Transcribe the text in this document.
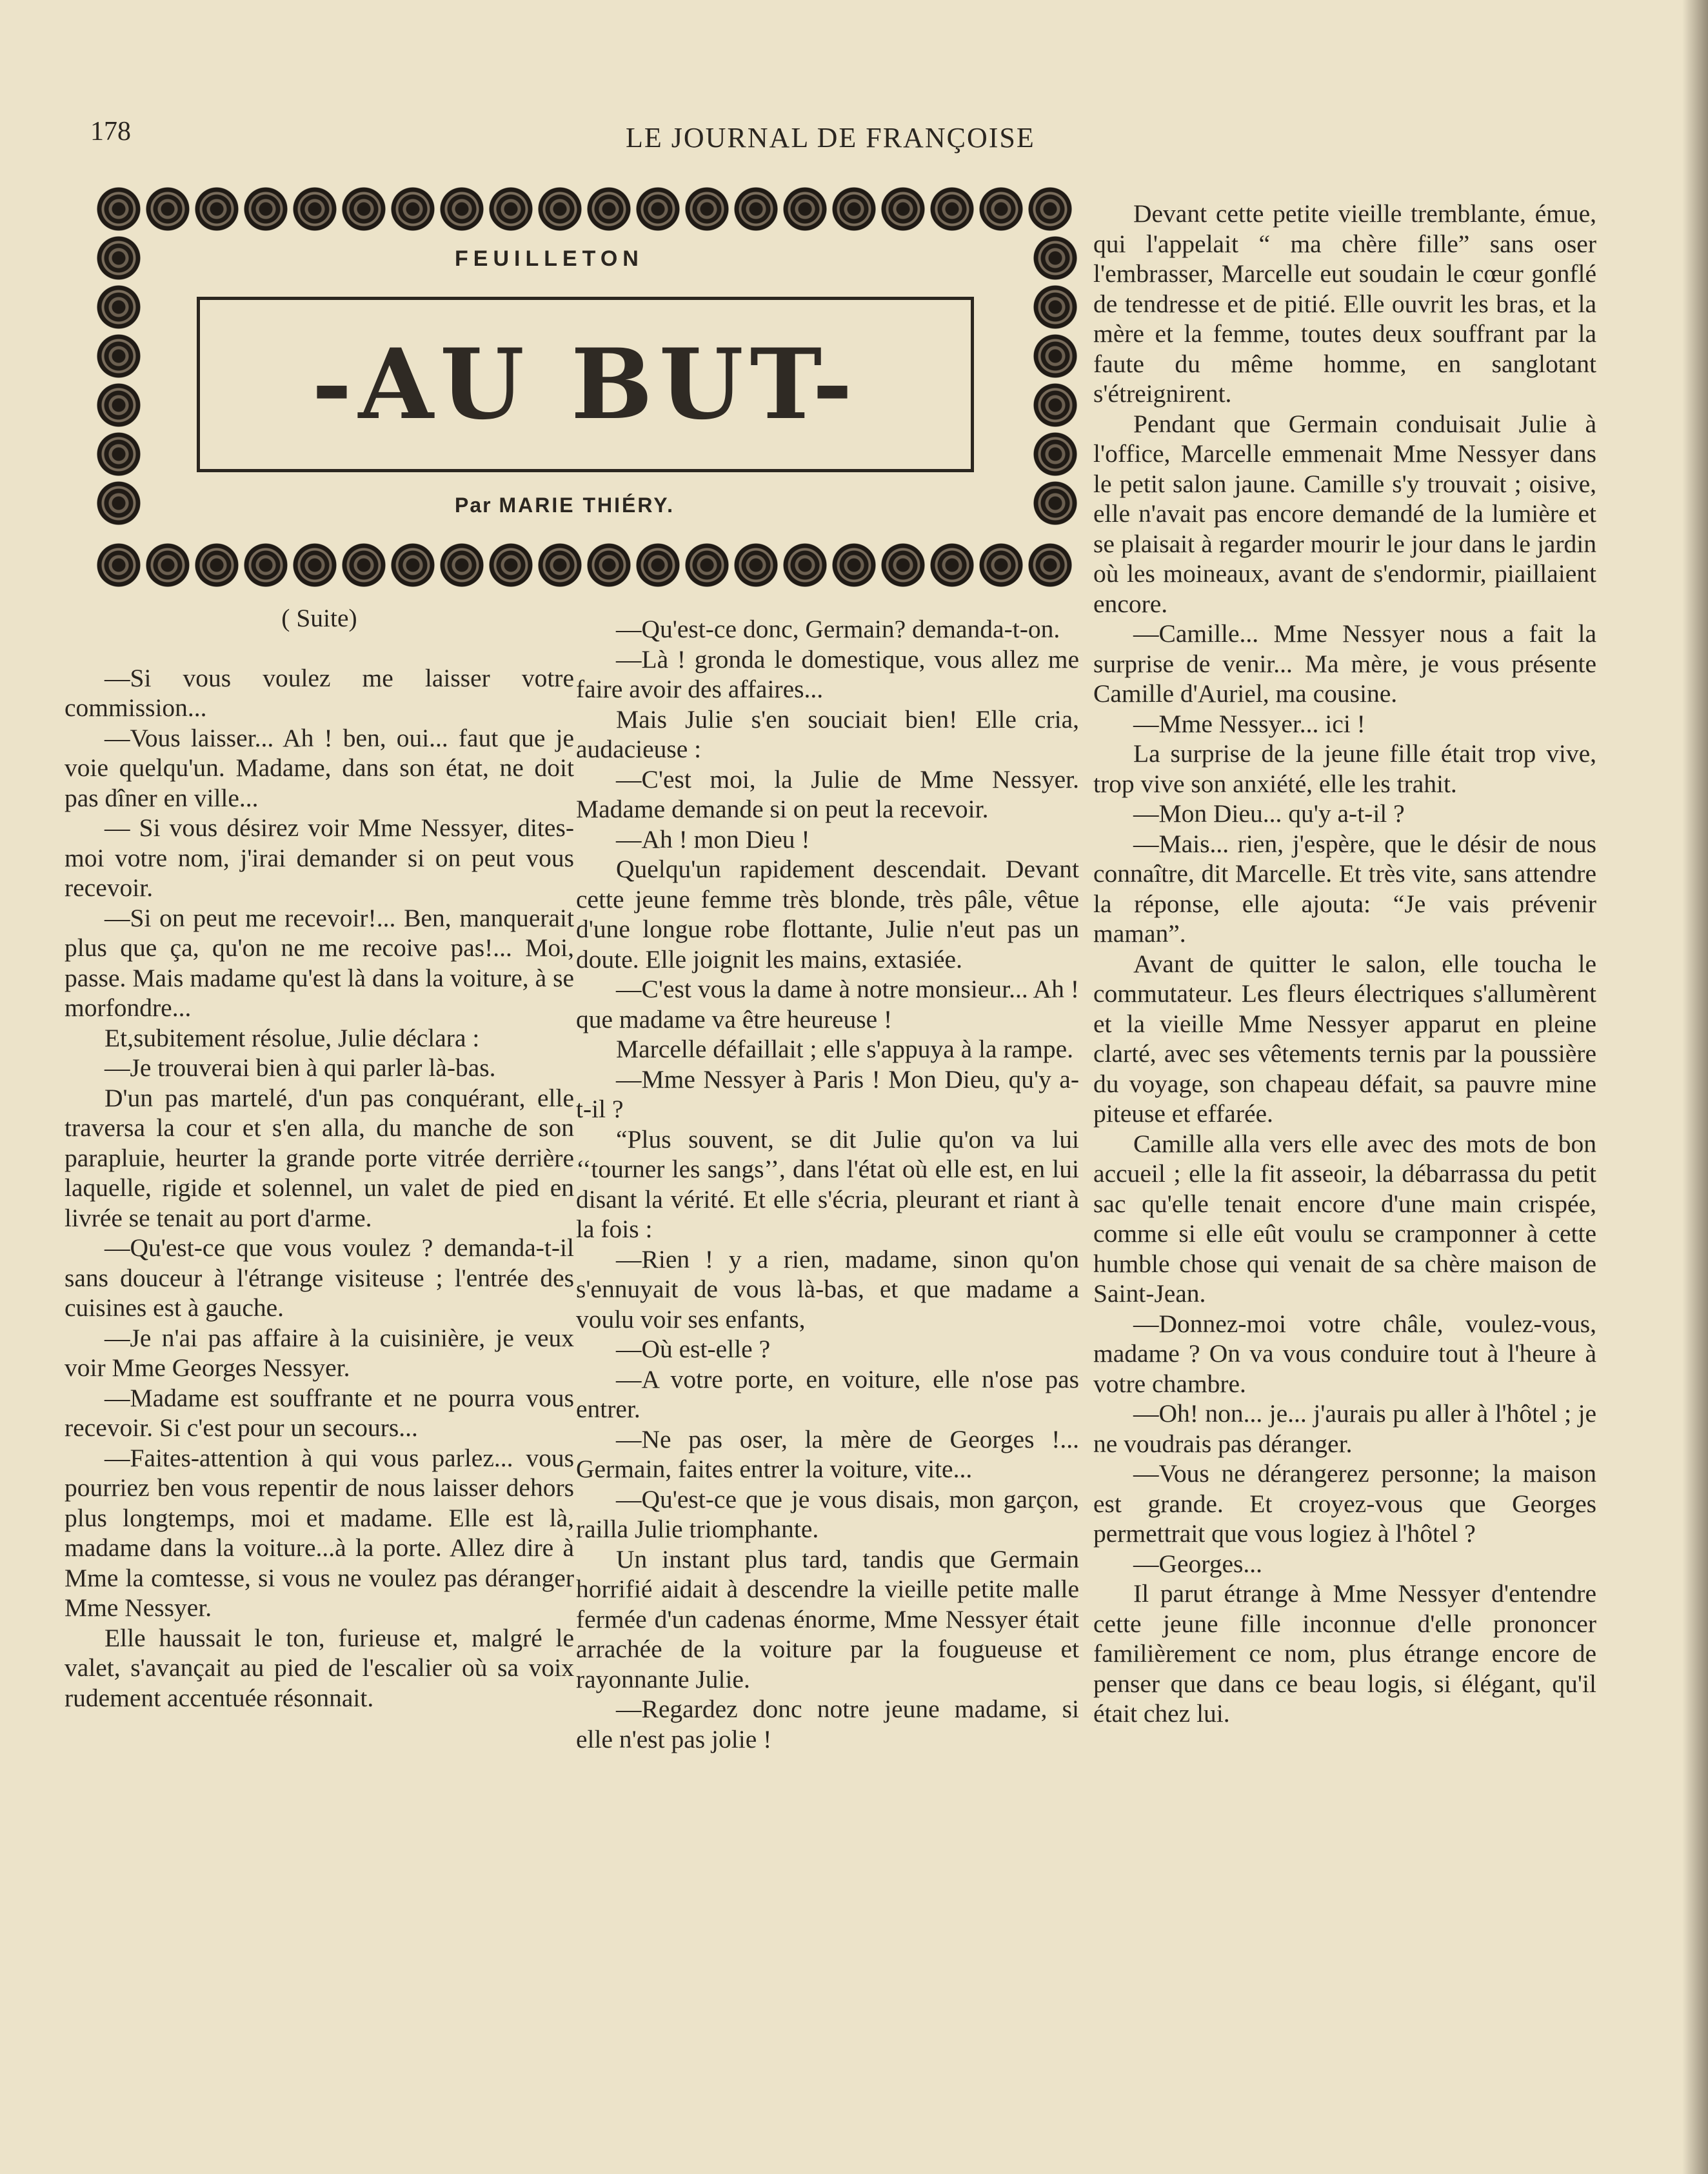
178	LE JOURNAL DE FRANÇOISE
FEUILLETON
-AU BUT-
Par MARIE THIÉRY.

( Suite)

—Si vous voulez me laisser votre commission...

—Vous laisser... Ah ! ben, oui... faut que je voie quelqu'un. Madame, dans son état, ne doit pas dîner en ville...

— Si vous désirez voir Mme Nessyer, dites-moi votre nom, j'irai demander si on peut vous recevoir.

—Si on peut me recevoir!... Ben, manquerait plus que ça, qu'on ne me recoive pas!... Moi, passe. Mais madame qu'est là dans la voiture, à se morfondre...

Et,subitement résolue, Julie déclara :

—Je trouverai bien à qui parler là-bas.

D'un pas martelé, d'un pas conquérant, elle traversa la cour et s'en alla, du manche de son parapluie, heurter la grande porte vitrée derrière laquelle, rigide et solennel, un valet de pied en livrée se tenait au port d'arme.

—Qu'est-ce que vous voulez ? demanda-t-il sans douceur à l'étrange visiteuse ; l'entrée des cuisines est à gauche.

—Je n'ai pas affaire à la cuisinière, je veux voir Mme Georges Nessyer.

—Madame est souffrante et ne pourra vous recevoir. Si c'est pour un secours...

—Faites-attention à qui vous parlez... vous pourriez ben vous repentir de nous laisser dehors plus longtemps, moi et madame. Elle est là, madame dans la voiture...à la porte. Allez dire à Mme la comtesse, si vous ne voulez pas déranger Mme Nessyer.

Elle haussait le ton, furieuse et, malgré le valet, s'avançait au pied de l'escalier où sa voix rudement accentuée résonnait.

—Qu'est-ce donc, Germain? demanda-t-on.

—Là ! gronda le domestique, vous allez me faire avoir des affaires...

Mais Julie s'en souciait bien! Elle cria, audacieuse :

—C'est moi, la Julie de Mme Nessyer. Madame demande si on peut la recevoir.

—Ah ! mon Dieu !

Quelqu'un rapidement descendait. Devant cette jeune femme très blonde, très pâle, vêtue d'une longue robe flottante, Julie n'eut pas un doute. Elle joignit les mains, extasiée.

—C'est vous la dame à notre monsieur... Ah ! que madame va être heureuse !

Marcelle défaillait ; elle s'appuya à la rampe.

—Mme Nessyer à Paris ! Mon Dieu, qu'y a-t-il ?

“Plus souvent, se dit Julie qu'on va lui ‘‘tourner les sangs’’, dans l'état où elle est, en lui disant la vérité. Et elle s'écria, pleurant et riant à la fois :

—Rien ! y a rien, madame, sinon qu'on s'ennuyait de vous là-bas, et que madame a voulu voir ses enfants,

—Où est-elle ?

—A votre porte, en voiture, elle n'ose pas entrer.

—Ne pas oser, la mère de Georges !... Germain, faites entrer la voiture, vite...

—Qu'est-ce que je vous disais, mon garçon, railla Julie triomphante.

Un instant plus tard, tandis que Germain horrifié aidait à descendre la vieille petite malle fermée d'un cadenas énorme, Mme Nessyer était arrachée de la voiture par la fougueuse et rayonnante Julie.

—Regardez donc notre jeune madame, si elle n'est pas jolie !

Devant cette petite vieille tremblante, émue, qui l'appelait “ ma chère fille” sans oser l'embrasser, Marcelle eut soudain le cœur gonflé de tendresse et de pitié. Elle ouvrit les bras, et la mère et la femme, toutes deux souffrant par la faute du même homme, en sanglotant s'étreignirent.

Pendant que Germain conduisait Julie à l'office, Marcelle emmenait Mme Nessyer dans le petit salon jaune. Camille s'y trouvait ; oisive, elle n'avait pas encore demandé de la lumière et se plaisait à regarder mourir le jour dans le jardin où les moineaux, avant de s'endormir, piaillaient encore.

—Camille... Mme Nessyer nous a fait la surprise de venir... Ma mère, je vous présente Camille d'Auriel, ma cousine.

—Mme Nessyer... ici !

La surprise de la jeune fille était trop vive, trop vive son anxiété, elle les trahit.

—Mon Dieu... qu'y a-t-il ?

—Mais... rien, j'espère, que le désir de nous connaître, dit Marcelle. Et très vite, sans attendre la réponse, elle ajouta: “Je vais prévenir maman”.

Avant de quitter le salon, elle toucha le commutateur. Les fleurs électriques s'allumèrent et la vieille Mme Nessyer apparut en pleine clarté, avec ses vêtements ternis par la poussière du voyage, son chapeau défait, sa pauvre mine piteuse et effarée.

Camille alla vers elle avec des mots de bon accueil ; elle la fit asseoir, la débarrassa du petit sac qu'elle tenait encore d'une main crispée, comme si elle eût voulu se cramponner à cette humble chose qui venait de sa chère maison de Saint-Jean.

—Donnez-moi votre châle, voulez-vous, madame ? On va vous conduire tout à l'heure à votre chambre.

—Oh! non... je... j'aurais pu aller à l'hôtel ; je ne voudrais pas déranger.

—Vous ne dérangerez personne; la maison est grande. Et croyez-vous que Georges permettrait que vous logiez à l'hôtel ?

—Georges...

Il parut étrange à Mme Nessyer d'entendre cette jeune fille inconnue d'elle prononcer familièrement ce nom, plus étrange encore de penser que dans ce beau logis, si élégant, qu'il était chez lui.
